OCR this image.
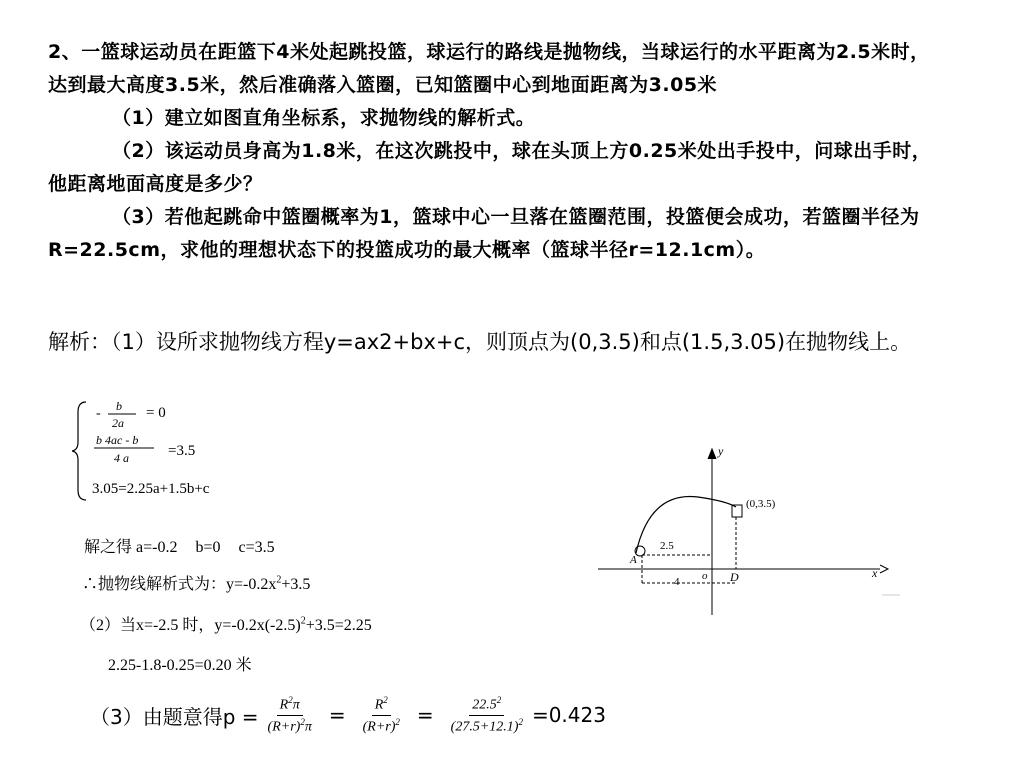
2、一篮球运动员在距篮下4米处起跳投篮，球运行的路线是抛物线，当球运行的水平距离为2.5米时，达到最大高度3.5米，然后准确落入篮圈，已知篮圈中心到地面距离为3.05米

（1）建立如图直角坐标系，求抛物线的解析式。

（2）该运动员身高为1.8米，在这次跳投中，球在头顶上方0.25米处出手投中，问球出手时，他距离地面高度是多少？

（3）若他起跳命中篮圈概率为1，篮球中心一旦落在篮圈范围，投篮便会成功，若篮圈半径为R=22.5cm，求他的理想状态下的投篮成功的最大概率（篮球半径r=12.1cm）。

解析：（1）设所求抛物线方程y=ax2+bx+c，则顶点为(0,3.5)和点(1.5,3.05)在抛物线上。
- b
2a
= 0
b 4ac - b
4 a	=3.5
3.05=2.25a+1.5b+c
解之得 a=-0.2 b=0 c=3.5
∴抛物线解析式为：$y=-0.2x^2+3.5$
（2）当x=-2.5 时，$y=-0.2x(-2.5)^2+3.5=2.25$
2.25-1.8-0.25=0.20 米
（3）由题意得$p = \frac{R^2\pi}{(R+r)^2\pi} = \frac{R^2}{(R+r)^2} = \frac{22.5^2}{(27.5+12.1)^2} =0.423$
x
y
(0,3.5)
2.5
4 o
A
D
